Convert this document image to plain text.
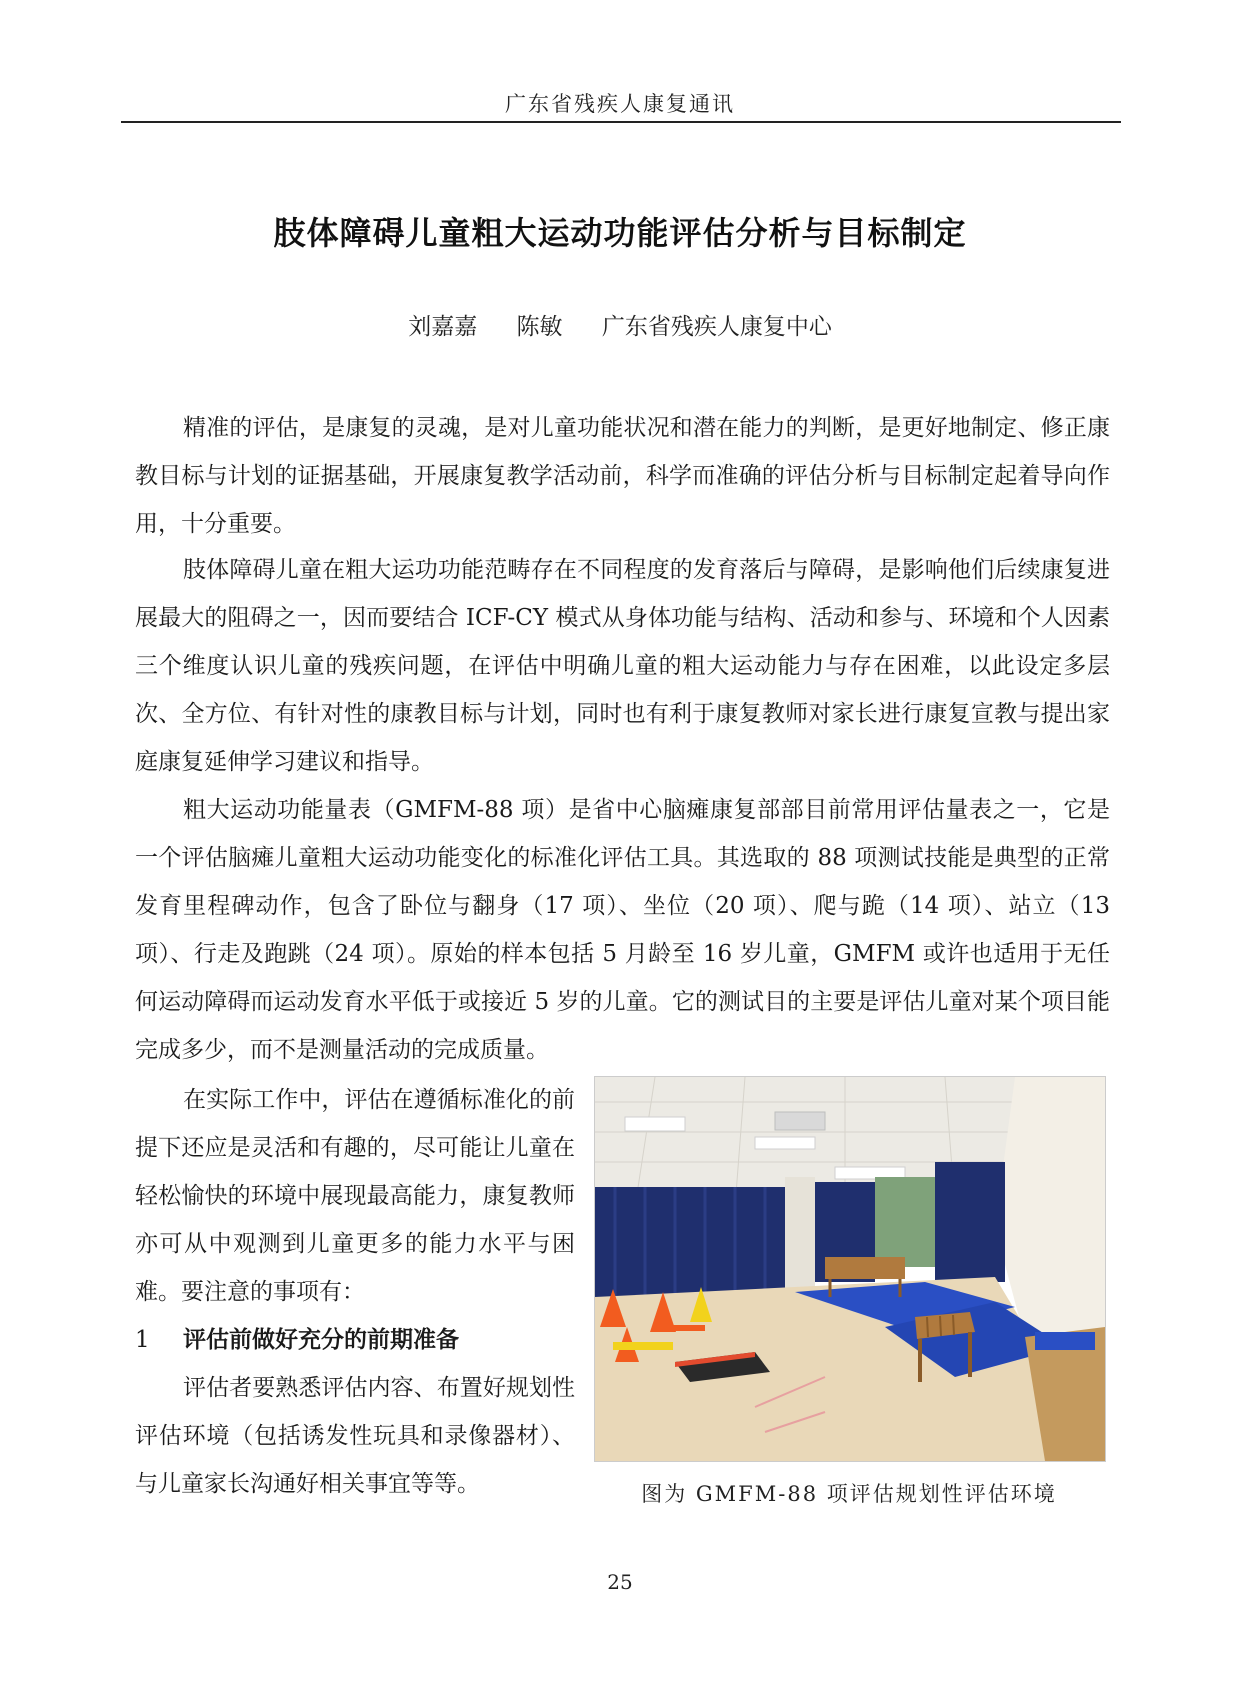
广东省残疾人康复通讯
肢体障碍儿童粗大运动功能评估分析与目标制定
刘嘉嘉 陈敏 广东省残疾人康复中心

精准的评估，是康复的灵魂，是对儿童功能状况和潜在能力的判断，是更好地制定、修正康教目标与计划的证据基础，开展康复教学活动前，科学而准确的评估分析与目标制定起着导向作用，十分重要。

肢体障碍儿童在粗大运功功能范畴存在不同程度的发育落后与障碍，是影响他们后续康复进展最大的阻碍之一，因而要结合 ICF-CY 模式从身体功能与结构、活动和参与、环境和个人因素三个维度认识儿童的残疾问题，在评估中明确儿童的粗大运动能力与存在困难，以此设定多层次、全方位、有针对性的康教目标与计划，同时也有利于康复教师对家长进行康复宣教与提出家庭康复延伸学习建议和指导。

粗大运动功能量表（GMFM-88 项）是省中心脑瘫康复部部目前常用评估量表之一，它是一个评估脑瘫儿童粗大运动功能变化的标准化评估工具。其选取的 88 项测试技能是典型的正常发育里程碑动作，包含了卧位与翻身（17 项）、坐位（20 项）、爬与跪（14 项）、站立（13 项）、行走及跑跳（24 项）。原始的样本包括 5 月龄至 16 岁儿童，GMFM 或许也适用于无任何运动障碍而运动发育水平低于或接近 5 岁的儿童。它的测试目的主要是评估儿童对某个项目能完成多少，而不是测量活动的完成质量。

在实际工作中，评估在遵循标准化的前提下还应是灵活和有趣的，尽可能让儿童在轻松愉快的环境中展现最高能力，康复教师亦可从中观测到儿童更多的能力水平与困难。要注意的事项有：

1 评估前做好充分的前期准备

评估者要熟悉评估内容、布置好规划性评估环境（包括诱发性玩具和录像器材）、与儿童家长沟通好相关事宜等等。	图为 GMFM-88 项评估规划性评估环境
25
